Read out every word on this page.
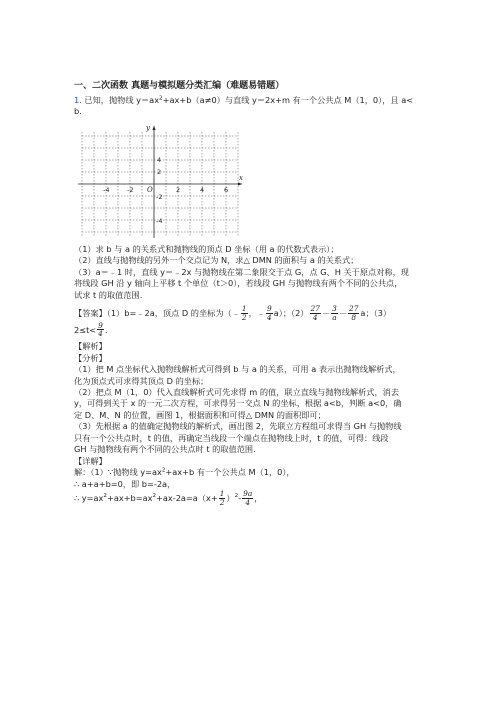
一、二次函数 真题与模拟题分类汇编（难题易错题）

1. 已知，抛物线 $y=ax^2+ax+b(a\ne 0)$与直线 y＝2x+m 有一个公共点 M（1，0），且 a<

b.

x
y
O
-4	-2	2	4	6
4
2
-2
-4

（1）求 b 与 a 的关系式和抛物线的顶点 D 坐标（用 a 的代数式表示）；

（2）直线与抛物线的另外一个交点记为 N，求△ DMN 的面积与 a 的关系式；

（3）a＝﹣1 时，直线 y＝﹣2x 与抛物线在第二象限交于点 G，点 G、H 关于原点对称，现

将线段 GH 沿 y 轴向上平移 t 个单位（t＞0），若线段 GH 与抛物线有两个不同的公共点，

试求 t 的取值范围.

【答案】（1）b=﹣2a，顶点 D 的坐标为（﹣ $\frac{1}{2}$ ，﹣ $\frac{9}{4} a$）；$(2) \frac{27}{4} - \frac{3}{a} - \frac{27}{8}$ a；（3）

$2\le t< \frac{9}{4}$ .

【解析】

【分析】

（1）把 M 点坐标代入抛物线解析式可得到 b 与 a 的关系，可用 a 表示出抛物线解析式，

化为顶点式可求得其顶点 D 的坐标；

（2）把点 M（1，0）代入直线解析式可先求得 m 的值，联立直线与抛物线解析式，消去

y，可得到关于 x 的一元二次方程，可求得另一交点 N 的坐标，根据 a<b，判断 a<0，确

定 D、M、N 的位置，画图 1，根据面积和可得△ DMN 的面积即可；

（3）先根据 a 的值确定抛物线的解析式，画出图 2，先联立方程组可求得当 GH 与抛物线

只有一个公共点时，t 的值，再确定当线段一个端点在抛物线上时，t 的值，可得：线段

GH 与抛物线有两个不同的公共点时 t 的取值范围.

【详解】

解：（1）∵抛物线 $y=ax^2+ax+b$ 有一个公共点 M（1，0），

∴ a+a+b=0，即 b=-2a，

∴ $y=ax^2+ax+b=ax^2+ax-2a=a(x+ \frac{1}{2} )^2- \frac{9a}{4}$ ，
